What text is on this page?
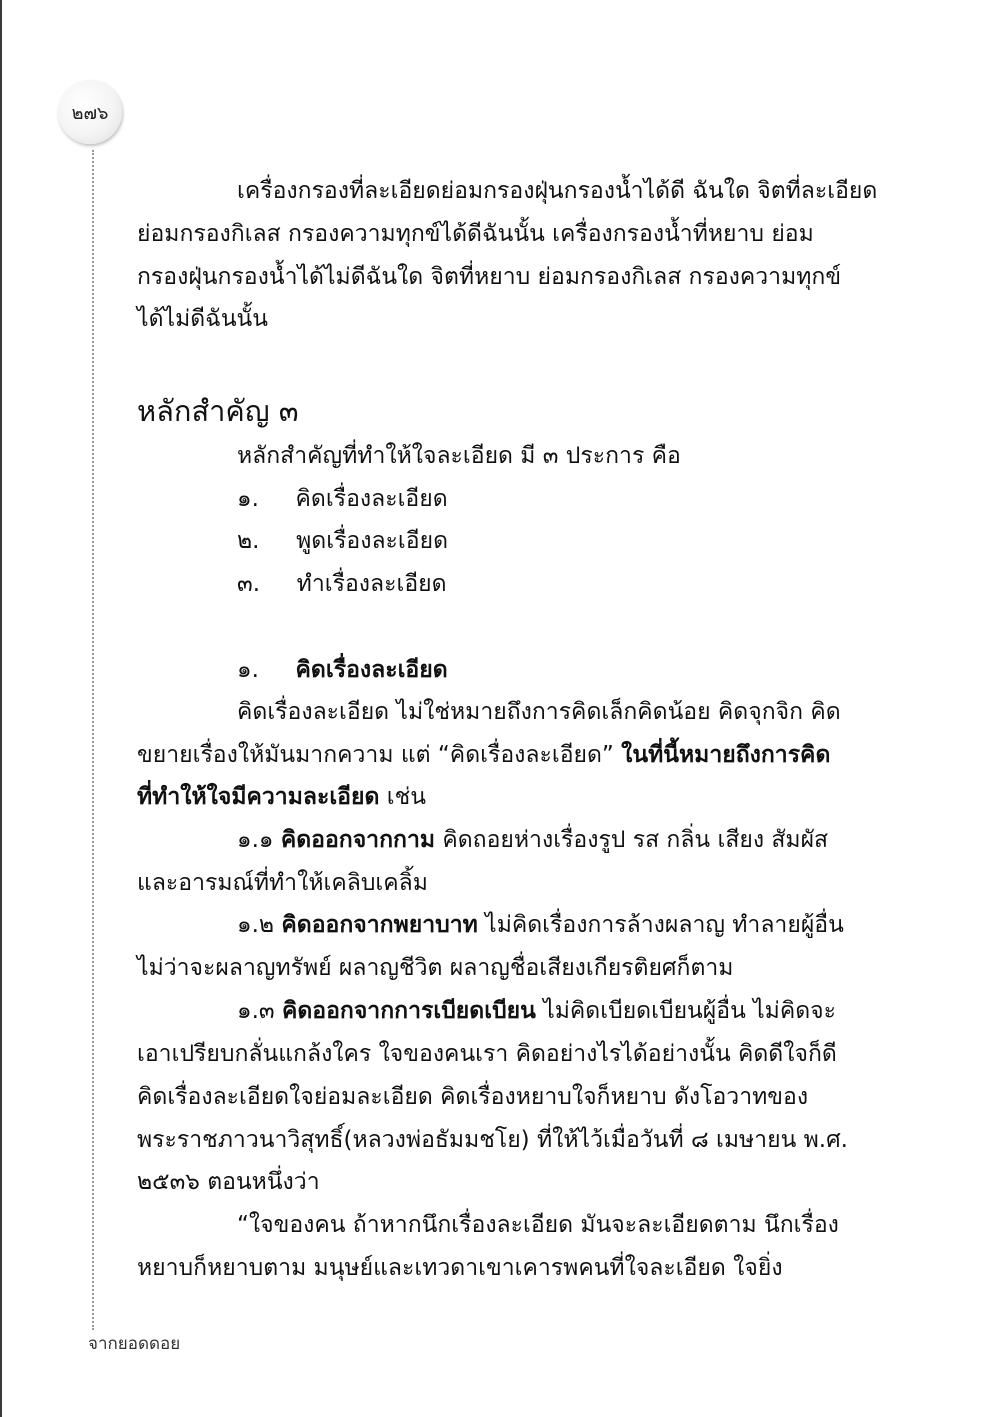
๒๗๖

เครื่องกรองที่ละเอียดย่อมกรองฝุ่นกรองน้ำได้ดี ฉันใด จิตที่ละเอียด

ย่อมกรองกิเลส กรองความทุกข์ได้ดีฉันนั้น เครื่องกรองน้ำที่หยาบ ย่อม

กรองฝุ่นกรองน้ำได้ไม่ดีฉันใด จิตที่หยาบ ย่อมกรองกิเลส กรองความทุกข์

ได้ไม่ดีฉันนั้น

หลักสำคัญ ๓

หลักสำคัญที่ทำให้ใจละเอียด มี ๓ ประการ คือ

๑. คิดเรื่องละเอียด

๒. พูดเรื่องละเอียด

๓. ทำเรื่องละเอียด

๑. คิดเรื่องละเอียด

คิดเรื่องละเอียด ไม่ใช่หมายถึงการคิดเล็กคิดน้อย คิดจุกจิก คิด

ขยายเรื่องให้มันมากความ แต่ “คิดเรื่องละเอียด” ในที่นี้หมายถึงการคิด

ที่ทำให้ใจมีความละเอียด เช่น

๑.๑ คิดออกจากกาม คิดถอยห่างเรื่องรูป รส กลิ่น เสียง สัมผัส

และอารมณ์ที่ทำให้เคลิบเคลิ้ม

๑.๒ คิดออกจากพยาบาท ไม่คิดเรื่องการล้างผลาญ ทำลายผู้อื่น

ไม่ว่าจะผลาญทรัพย์ ผลาญชีวิต ผลาญชื่อเสียงเกียรติยศก็ตาม

๑.๓ คิดออกจากการเบียดเบียน ไม่คิดเบียดเบียนผู้อื่น ไม่คิดจะ

เอาเปรียบกลั่นแกล้งใคร ใจของคนเรา คิดอย่างไรได้อย่างนั้น คิดดีใจก็ดี

คิดเรื่องละเอียดใจย่อมละเอียด คิดเรื่องหยาบใจก็หยาบ ดังโอวาทของ

พระราชภาวนาวิสุทธิ์(หลวงพ่อธัมมชโย) ที่ให้ไว้เมื่อวันที่ ๘ เมษายน พ.ศ.

๒๕๓๖ ตอนหนึ่งว่า

“ใจของคน ถ้าหากนึกเรื่องละเอียด มันจะละเอียดตาม นึกเรื่อง

หยาบก็หยาบตาม มนุษย์และเทวดาเขาเคารพคนที่ใจละเอียด ใจยิ่ง

จากยอดดอย
